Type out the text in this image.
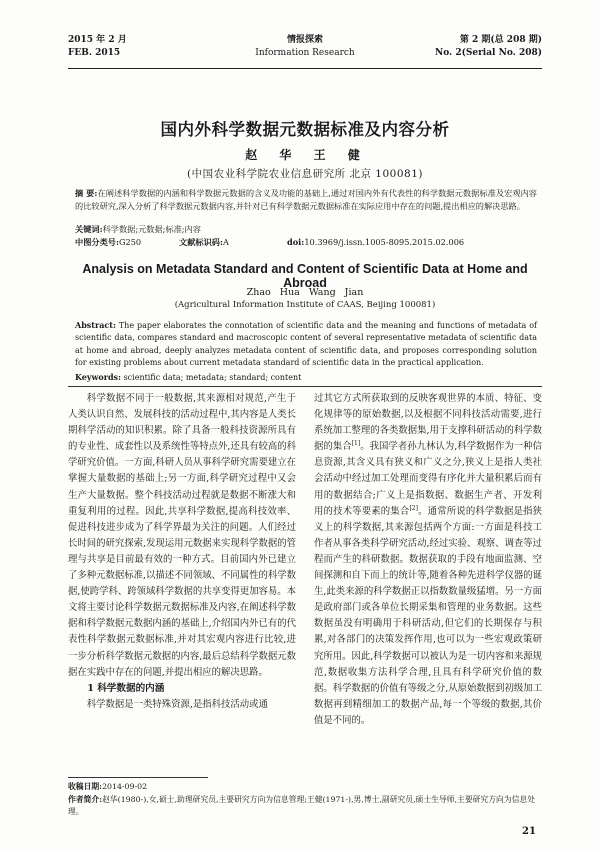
2015 年 2 月
FEB. 2015
情报探索
Information Research
第 2 期(总 208 期)
No. 2(Serial No. 208)
国内外科学数据元数据标准及内容分析
赵 华 王 健
(中国农业科学院农业信息研究所 北京 100081)
摘 要:在阐述科学数据的内涵和科学数据元数据的含义及功能的基础上,通过对国内外有代表性的科学数据元数据标准及宏观内容的比较研究,深入分析了科学数据元数据内容,并针对已有科学数据元数据标准在实际应用中存在的问题,提出相应的解决思路。
关键词:科学数据;元数据;标准;内容
中图分类号:G250	文献标识码:A	doi:10.3969/j.issn.1005-8095.2015.02.006
Analysis on Metadata Standard and Content of Scientific Data at Home and Abroad
Zhao Hua Wang Jian
(Agricultural Information Institute of CAAS, Beijing 100081)
Abstract: The paper elaborates the connotation of scientific data and the meaning and functions of metadata of scientific data, compares standard and macroscopic content of several representative metadata of scientific data at home and abroad, deeply analyzes metadata content of scientific data, and proposes corresponding solution for existing problems about current metadata standard of scientific data in the practical application.
Keywords: scientific data; metadata; standard; content

科学数据不同于一般数据,其来源相对规范,产生于人类认识自然、发展科技的活动过程中,其内容是人类长期科学活动的知识积累。除了具备一般科技资源所具有的专业性、成套性以及系统性等特点外,还具有较高的科学研究价值。一方面,科研人员从事科学研究需要建立在掌握大量数据的基础上;另一方面,科学研究过程中又会生产大量数据。整个科技活动过程就是数据不断涨大和重复利用的过程。因此,共享科学数据,提高科技效率、促进科技进步成为了科学界最为关注的问题。人们经过长时间的研究探索,发现运用元数据来实现科学数据的管理与共享是目前最有效的一种方式。目前国内外已建立了多种元数据标准,以描述不同领域、不同属性的科学数据,使跨学科、跨领域科学数据的共享变得更加容易。本文将主要讨论科学数据元数据标准及内容,在阐述科学数据和科学数据元数据内涵的基础上,介绍国内外已有的代表性科学数据元数据标准,并对其宏观内容进行比较,进一步分析科学数据元数据的内容,最后总结科学数据元数据在实践中存在的问题,并提出相应的解决思路。

1 科学数据的内涵

科学数据是一类特殊资源,是指科技活动或通

过其它方式所获取到的反映客观世界的本质、特征、变化规律等的原始数据,以及根据不同科技活动需要,进行系统加工整理的各类数据集,用于支撑科研活动的科学数据的集合[1]。我国学者孙九林认为,科学数据作为一种信息资源,其含义具有狭义和广义之分,狭义上是指人类社会活动中经过加工处理而变得有序化并大量积累后而有用的数据结合;广义上是指数据、数据生产者、开发利用的技术等要素的集合[2]。通常所说的科学数据是指狭义上的科学数据,其来源包括两个方面:一方面是科技工作者从事各类科学研究活动,经过实验、观察、调查等过程而产生的科研数据。数据获取的手段有地面监测、空间探测和自下而上的统计等,随着各种先进科学仪器的诞生,此类来源的科学数据正以指数数量级猛增。另一方面是政府部门或各单位长期采集和管理的业务数据。这些数据虽没有明确用于科研活动,但它们的长期保存与积累,对各部门的决策发挥作用,也可以为一些宏观政策研究所用。因此,科学数据可以被认为是一切内容和来源规范,数据收集方法科学合理,且具有科学研究价值的数据。科学数据的价值有等级之分,从原始数据到初级加工数据再到精细加工的数据产品,每一个等级的数据,其价值是不同的。

收稿日期:2014-09-02
作者简介:赵华(1980-),女,硕士,助理研究员,主要研究方向为信息管理;王健(1971-),男,博士,副研究员,硕士生导师,主要研究方向为信息处理。
21
